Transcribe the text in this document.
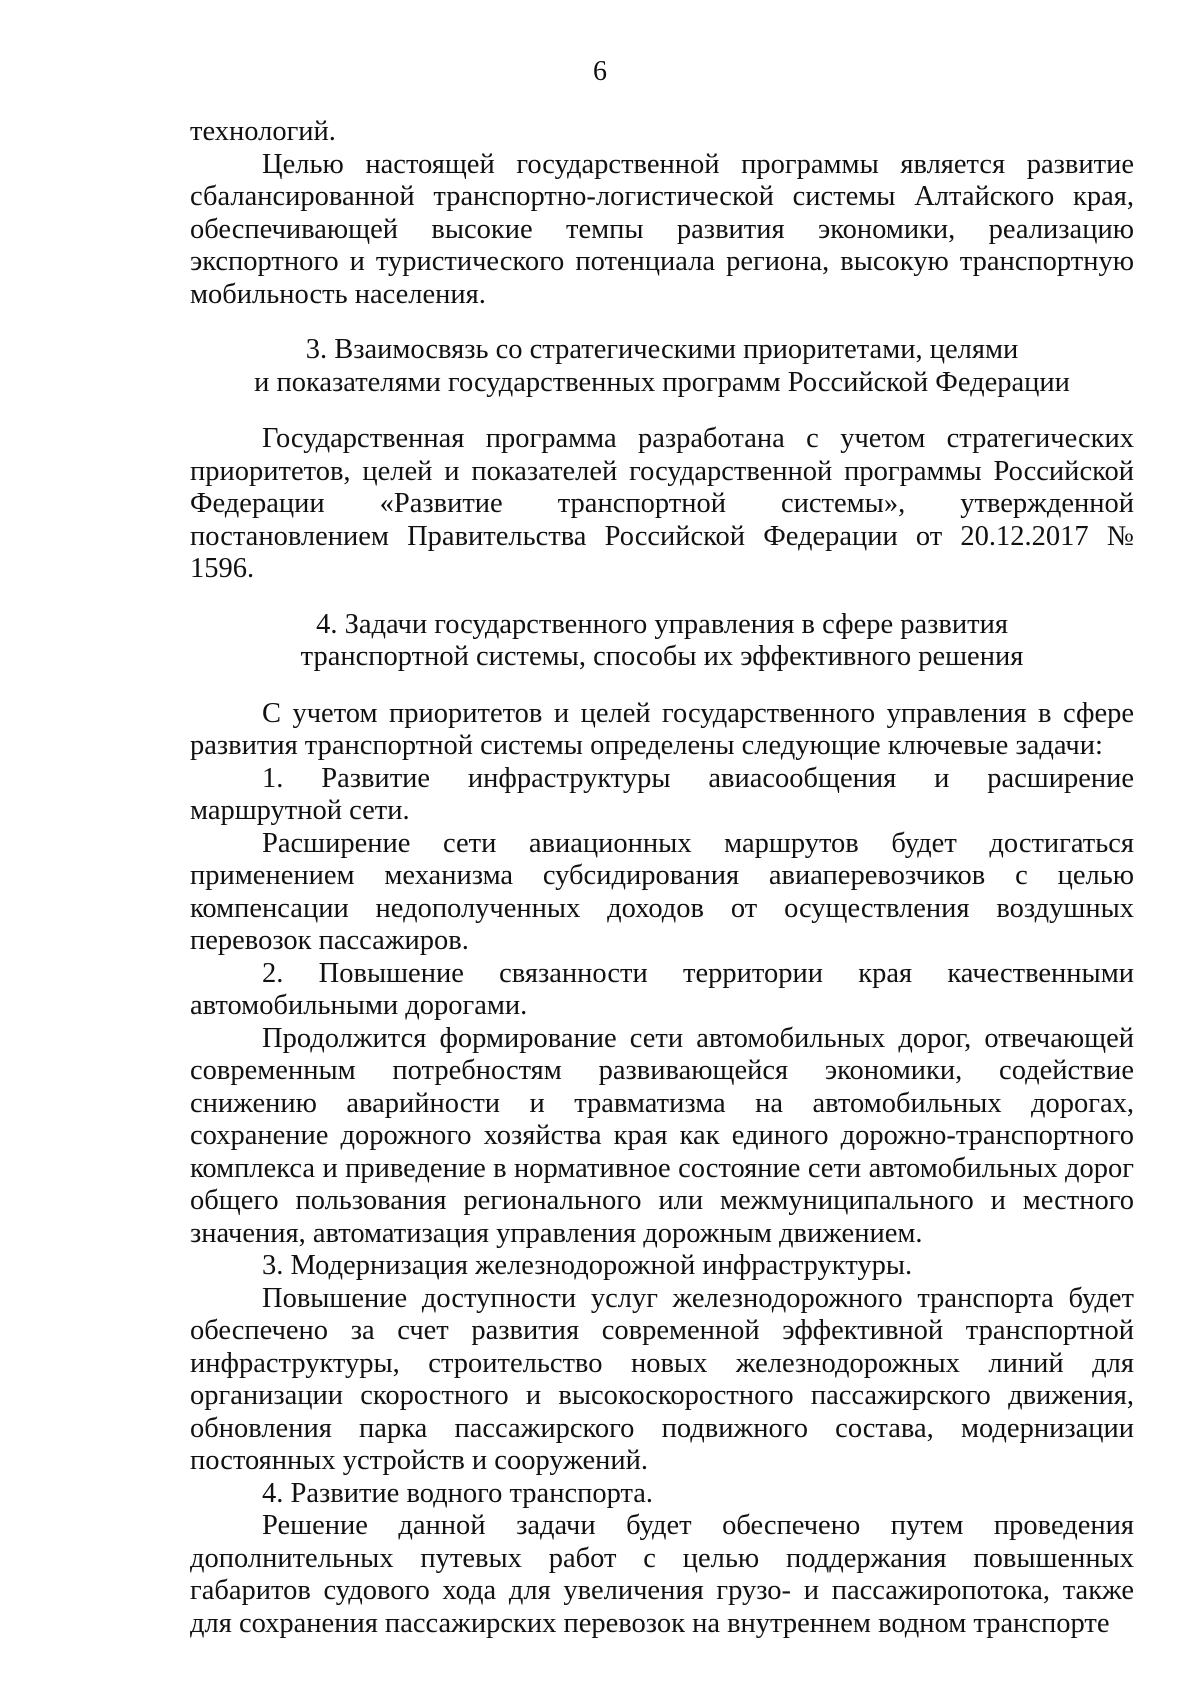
6

технологий.

Целью настоящей государственной программы является развитие сбалансированной транспортно-логистической системы Алтайского края, обеспечивающей высокие темпы развития экономики, реализацию экспортного и туристического потенциала региона, высокую транспортную мобильность населения.

3. Взаимосвязь со стратегическими приоритетами, целями
и показателями государственных программ Российской Федерации

Государственная программа разработана с учетом стратегических приоритетов, целей и показателей государственной программы Российской Федерации «Развитие транспортной системы», утвержденной постановлением Правительства Российской Федерации от 20.12.2017 № 1596.

4. Задачи государственного управления в сфере развития
транспортной системы, способы их эффективного решения

С учетом приоритетов и целей государственного управления в сфере развития транспортной системы определены следующие ключевые задачи:

1. Развитие инфраструктуры авиасообщения и расширение маршрутной сети.

Расширение сети авиационных маршрутов будет достигаться применением механизма субсидирования авиаперевозчиков с целью компенсации недополученных доходов от осуществления воздушных перевозок пассажиров.

2. Повышение связанности территории края качественными автомобильными дорогами.

Продолжится формирование сети автомобильных дорог, отвечающей современным потребностям развивающейся экономики, содействие снижению аварийности и травматизма на автомобильных дорогах, сохранение дорожного хозяйства края как единого дорожно-транспортного комплекса и приведение в нормативное состояние сети автомобильных дорог общего пользования регионального или межмуниципального и местного значения, автоматизация управления дорожным движением.

3. Модернизация железнодорожной инфраструктуры.

Повышение доступности услуг железнодорожного транспорта будет обеспечено за счет развития современной эффективной транспортной инфраструктуры, строительство новых железнодорожных линий для организации скоростного и высокоскоростного пассажирского движения, обновления парка пассажирского подвижного состава, модернизации постоянных устройств и сооружений.

4. Развитие водного транспорта.

Решение данной задачи будет обеспечено путем проведения дополнительных путевых работ с целью поддержания повышенных габаритов судового хода для увеличения грузо- и пассажиропотока, также для сохранения пассажирских перевозок на внутреннем водном транспорте
